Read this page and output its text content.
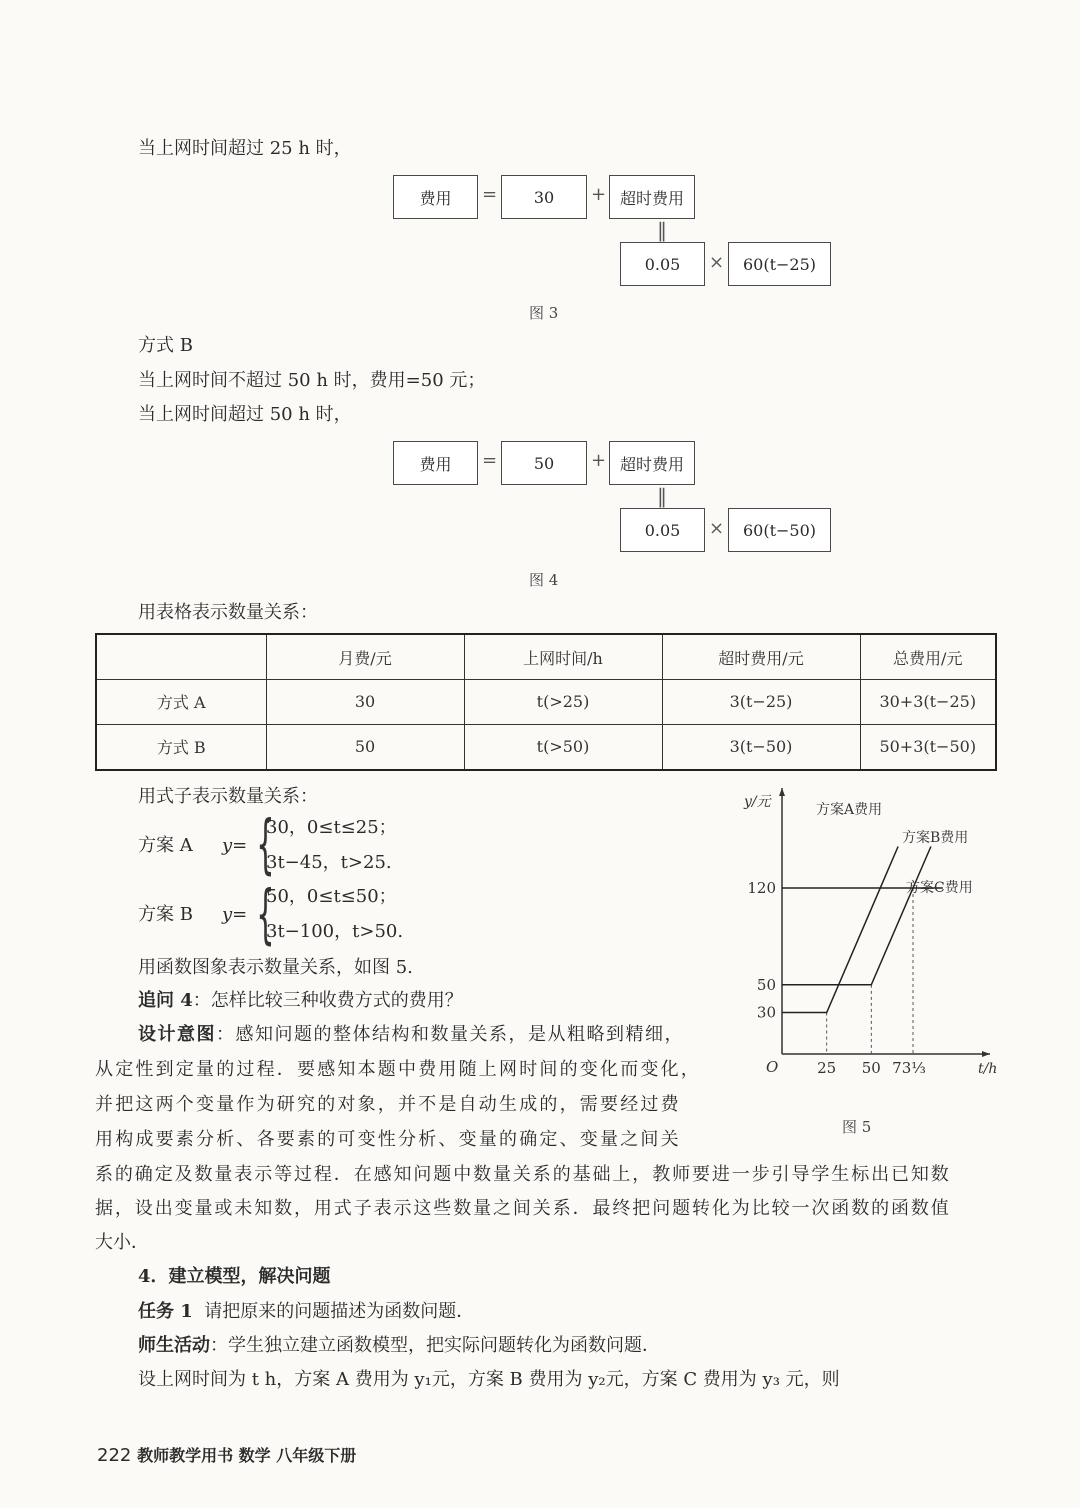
当上网时间超过 25 h 时，
费用	=	30	+ 超时费用
‖
0.05	×	60(t−25)
图 3
方式 B
当上网时间不超过 50 h 时，费用=50 元；
当上网时间超过 50 h 时，
费用	=	50	+ 超时费用
‖
0.05	×	60(t−50)
图 4
用表格表示数量关系：
	月费/元	上网时间/h	超时费用/元	总费用/元
方式 A	30	t(>25)	3(t−25)	30+3(t−25)
方式 B	50	t(>50)	3(t−50)	50+3(t−50)
用式子表示数量关系：
方案 A y= {
30，0≤t≤25；
3t−45，t>25.
方案 B y= {
50，0≤t≤50；
3t−100，t>50.
用函数图象表示数量关系，如图 5.
追问 4：怎样比较三种收费方式的费用？
设计意图：感知问题的整体结构和数量关系，是从粗略到精细，
从定性到定量的过程．要感知本题中费用随上网时间的变化而变化，
并把这两个变量作为研究的对象，并不是自动生成的，需要经过费
用构成要素分析、各要素的可变性分析、变量的确定、变量之间关
系的确定及数量表示等过程．在感知问题中数量关系的基础上，教师要进一步引导学生标出已知数
据，设出变量或未知数，用式子表示这些数量之间关系．最终把问题转化为比较一次函数的函数值
大小．
4．建立模型，解决问题
任务 1 请把原来的问题描述为函数问题．
师生活动：学生独立建立函数模型，把实际问题转化为函数问题．
设上网时间为 t h，方案 A 费用为 y₁元，方案 B 费用为 y₂元，方案 C 费用为 y₃ 元，则
222 教师教学用书 数学 八年级下册
y/元
t/h
O
30
50
120
25 50 73⅓
方案A费用
方案B费用
方案C费用
图 5
